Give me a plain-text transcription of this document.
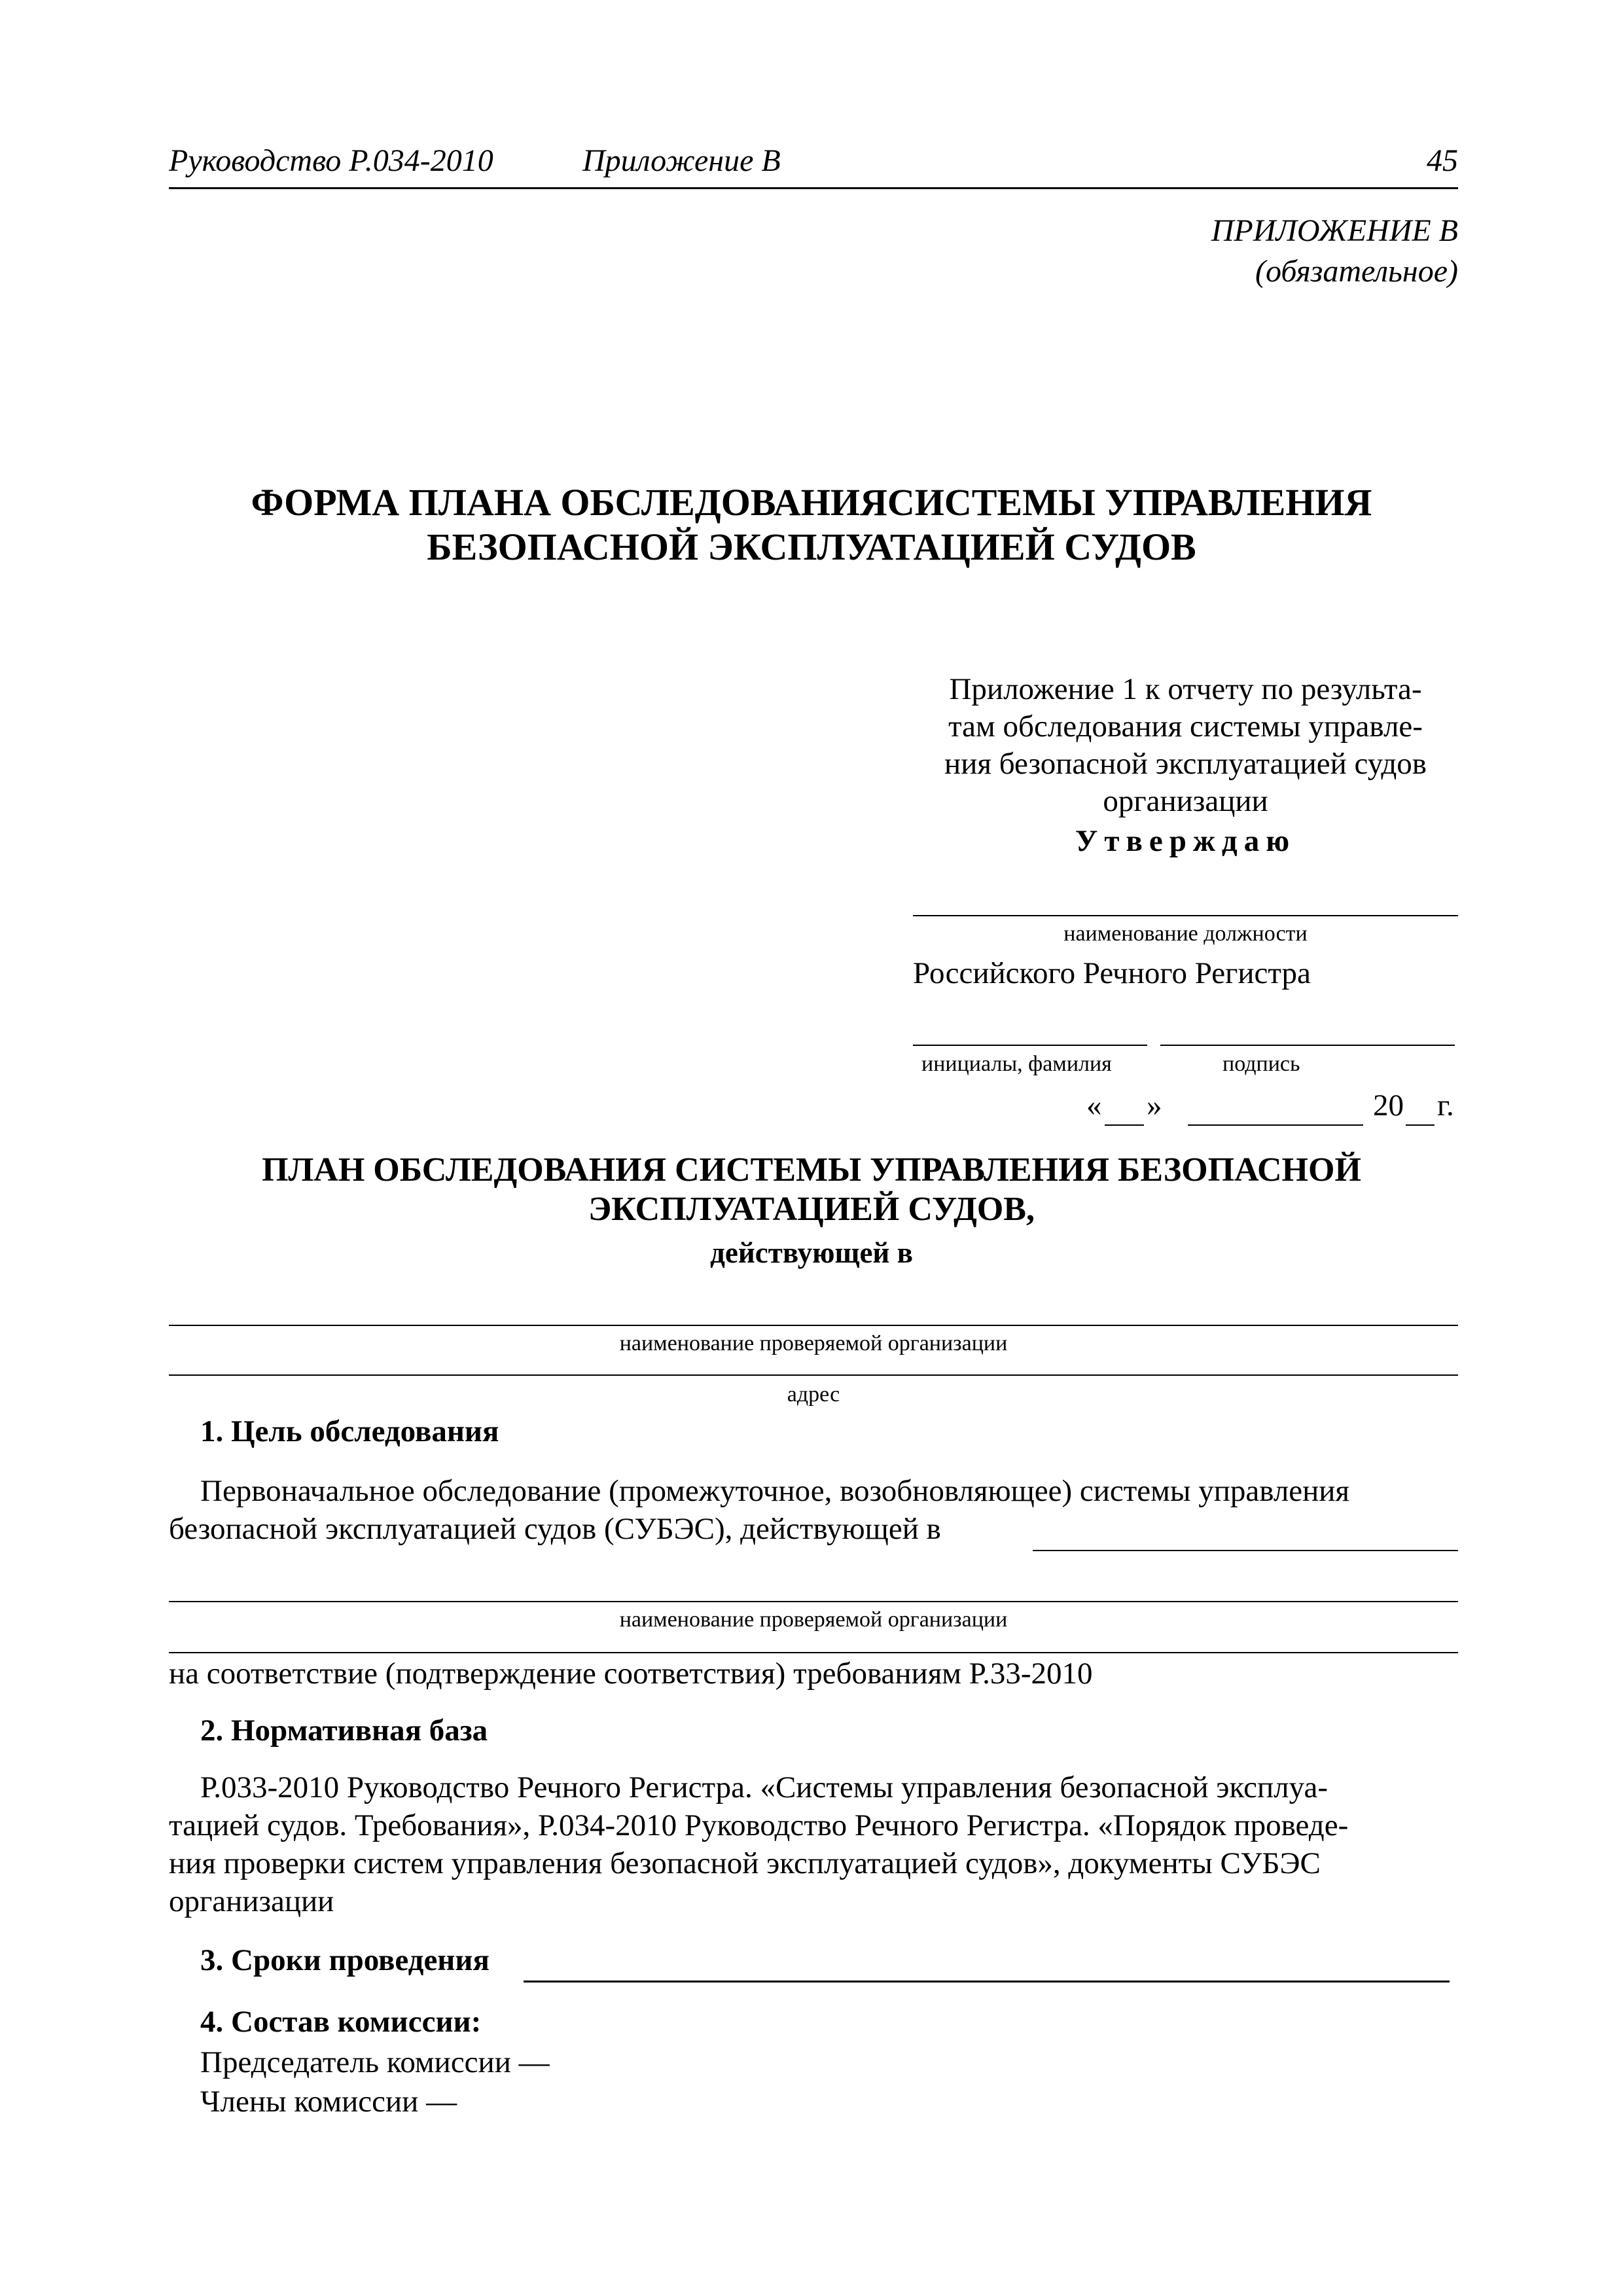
Руководство Р.034-2010	Приложение В	45
ПРИЛОЖЕНИЕ В
(обязательное)
ФОРМА ПЛАНА ОБСЛЕДОВАНИЯСИСТЕМЫ УПРАВЛЕНИЯ
БЕЗОПАСНОЙ ЭКСПЛУАТАЦИЕЙ СУДОВ
Приложение 1 к отчету по результа-
там обследования системы управле-
ния безопасной эксплуатацией судов
организации
Утверждаю
наименование должности
Российского Речного Регистра
инициалы, фамилия	подпись
« »	20 г.
ПЛАН ОБСЛЕДОВАНИЯ СИСТЕМЫ УПРАВЛЕНИЯ БЕЗОПАСНОЙ
ЭКСПЛУАТАЦИЕЙ СУДОВ,
действующей в
наименование проверяемой организации
адрес
1. Цель обследования
Первоначальное обследование (промежуточное, возобновляющее) системы управления
безопасной эксплуатацией судов (СУБЭС), действующей в
наименование проверяемой организации
на соответствие (подтверждение соответствия) требованиям Р.33-2010
2. Нормативная база
Р.033-2010 Руководство Речного Регистра. «Системы управления безопасной эксплуа-
тацией судов. Требования», Р.034-2010 Руководство Речного Регистра. «Порядок проведе-
ния проверки систем управления безопасной эксплуатацией судов», документы СУБЭС
организации
3. Сроки проведения
4. Состав комиссии:
Председатель комиссии —
Члены комиссии —
